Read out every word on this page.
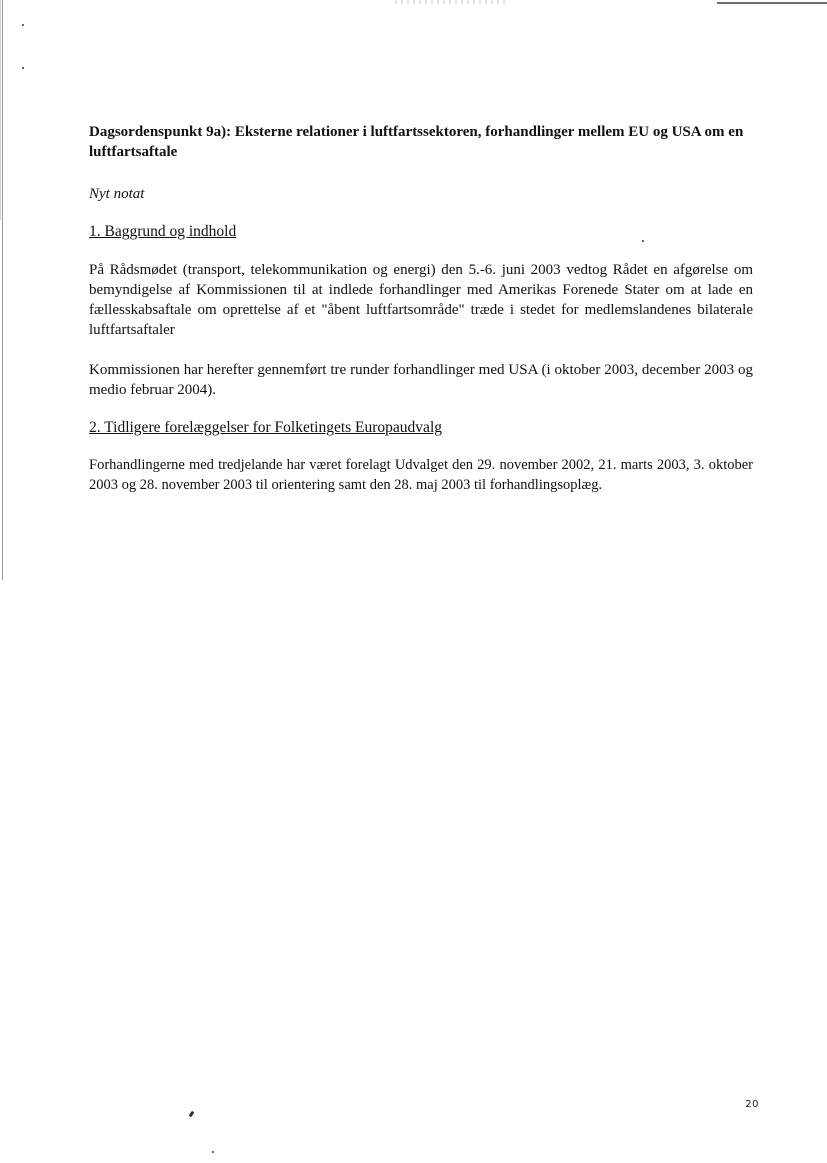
Dagsordenspunkt 9a): Eksterne relationer i luftfartssektoren, forhandlinger mellem EU og USA om en luftfartsaftale

Nyt notat

1. Baggrund og indhold

På Rådsmødet (transport, telekommunikation og energi) den 5.-6. juni 2003 vedtog Rådet en afgørelse om bemyndigelse af Kommissionen til at indlede forhandlinger med Amerikas Forenede Stater om at lade en fællesskabsaftale om oprettelse af et "åbent luftfartsområde" træde i stedet for medlemslandenes bilaterale luftfartsaftaler

Kommissionen har herefter gennemført tre runder forhandlinger med USA (i oktober 2003, december 2003 og medio februar 2004).

2. Tidligere forelæggelser for Folketingets Europaudvalg

Forhandlingerne med tredjelande har været forelagt Udvalget den 29. november 2002, 21. marts 2003, 3. oktober 2003 og 28. november 2003 til orientering samt den 28. maj 2003 til forhandlingsoplæg.

20
